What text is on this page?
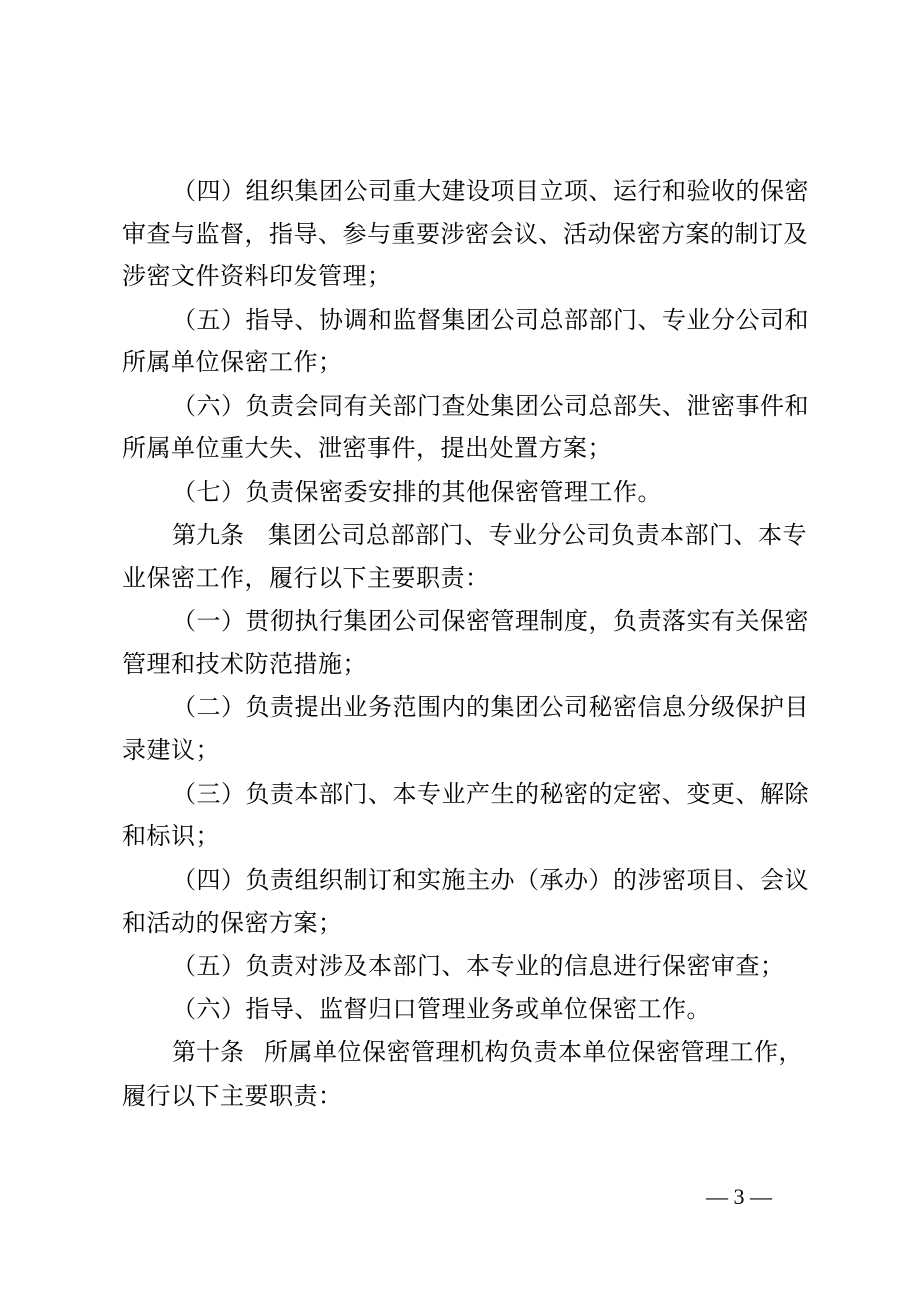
（四）组织集团公司重大建设项目立项、运行和验收的保密
审查与监督，指导、参与重要涉密会议、活动保密方案的制订及
涉密文件资料印发管理；
（五）指导、协调和监督集团公司总部部门、专业分公司和
所属单位保密工作；
（六）负责会同有关部门查处集团公司总部失、泄密事件和
所属单位重大失、泄密事件，提出处置方案；
（七）负责保密委安排的其他保密管理工作。
第九条 集团公司总部部门、专业分公司负责本部门、本专
业保密工作，履行以下主要职责：
（一）贯彻执行集团公司保密管理制度，负责落实有关保密
管理和技术防范措施；
（二）负责提出业务范围内的集团公司秘密信息分级保护目
录建议；
（三）负责本部门、本专业产生的秘密的定密、变更、解除
和标识；
（四）负责组织制订和实施主办（承办）的涉密项目、会议
和活动的保密方案；
（五）负责对涉及本部门、本专业的信息进行保密审查；
（六）指导、监督归口管理业务或单位保密工作。
第十条 所属单位保密管理机构负责本单位保密管理工作，
履行以下主要职责：
— 3 —
